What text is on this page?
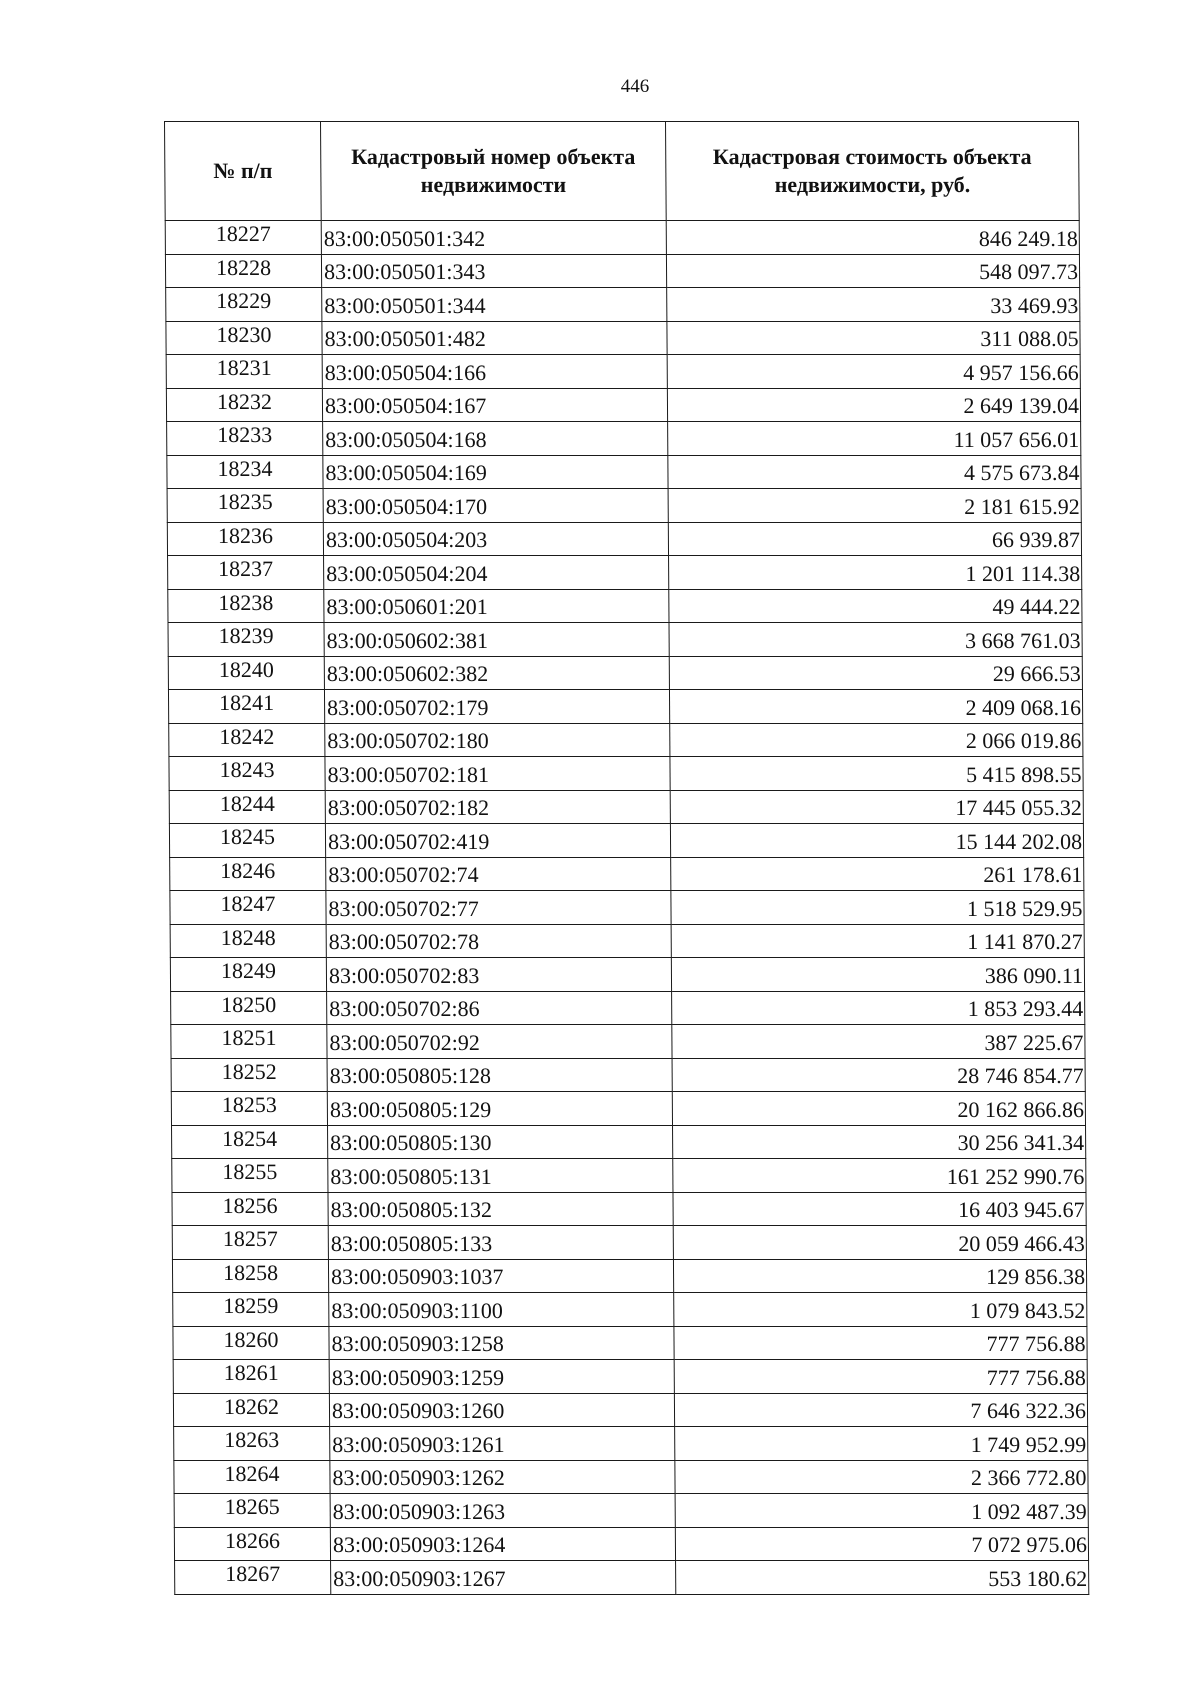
446
№ п/п	Кадастровый номер объекта недвижимости	Кадастровая стоимость объекта недвижимости, руб.
18227	83:00:050501:342	846 249.18
18228	83:00:050501:343	548 097.73
18229	83:00:050501:344	33 469.93
18230	83:00:050501:482	311 088.05
18231	83:00:050504:166	4 957 156.66
18232	83:00:050504:167	2 649 139.04
18233	83:00:050504:168	11 057 656.01
18234	83:00:050504:169	4 575 673.84
18235	83:00:050504:170	2 181 615.92
18236	83:00:050504:203	66 939.87
18237	83:00:050504:204	1 201 114.38
18238	83:00:050601:201	49 444.22
18239	83:00:050602:381	3 668 761.03
18240	83:00:050602:382	29 666.53
18241	83:00:050702:179	2 409 068.16
18242	83:00:050702:180	2 066 019.86
18243	83:00:050702:181	5 415 898.55
18244	83:00:050702:182	17 445 055.32
18245	83:00:050702:419	15 144 202.08
18246	83:00:050702:74	261 178.61
18247	83:00:050702:77	1 518 529.95
18248	83:00:050702:78	1 141 870.27
18249	83:00:050702:83	386 090.11
18250	83:00:050702:86	1 853 293.44
18251	83:00:050702:92	387 225.67
18252	83:00:050805:128	28 746 854.77
18253	83:00:050805:129	20 162 866.86
18254	83:00:050805:130	30 256 341.34
18255	83:00:050805:131	161 252 990.76
18256	83:00:050805:132	16 403 945.67
18257	83:00:050805:133	20 059 466.43
18258	83:00:050903:1037	129 856.38
18259	83:00:050903:1100	1 079 843.52
18260	83:00:050903:1258	777 756.88
18261	83:00:050903:1259	777 756.88
18262	83:00:050903:1260	7 646 322.36
18263	83:00:050903:1261	1 749 952.99
18264	83:00:050903:1262	2 366 772.80
18265	83:00:050903:1263	1 092 487.39
18266	83:00:050903:1264	7 072 975.06
18267	83:00:050903:1267	553 180.62
